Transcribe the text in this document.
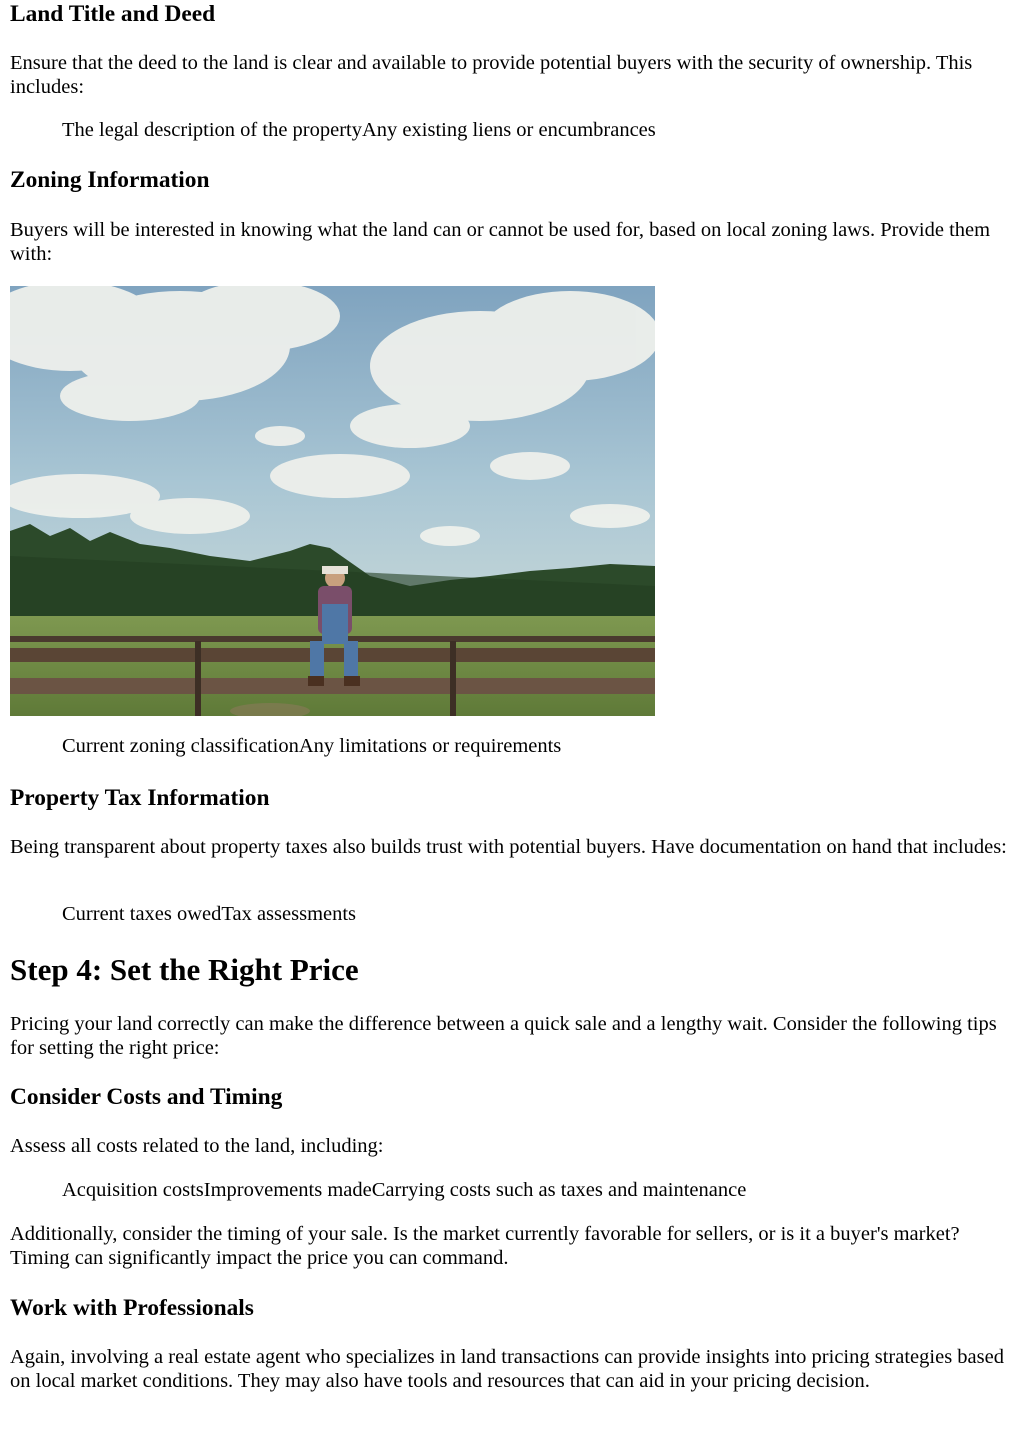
Land Title and Deed

Ensure that the deed to the land is clear and available to provide potential buyers with the security of ownership. This includes:

The legal description of the propertyAny existing liens or encumbrances
Zoning Information

Buyers will be interested in knowing what the land can or cannot be used for, based on local zoning laws. Provide them with:

Current zoning classificationAny limitations or requirements
Property Tax Information

Being transparent about property taxes also builds trust with potential buyers. Have documentation on hand that includes:

Current taxes owedTax assessments
Step 4: Set the Right Price

Pricing your land correctly can make the difference between a quick sale and a lengthy wait. Consider the following tips for setting the right price:

Consider Costs and Timing

Assess all costs related to the land, including:

Acquisition costsImprovements madeCarrying costs such as taxes and maintenance

Additionally, consider the timing of your sale. Is the market currently favorable for sellers, or is it a buyer's market? Timing can significantly impact the price you can command.

Work with Professionals

Again, involving a real estate agent who specializes in land transactions can provide insights into pricing strategies based on local market conditions. They may also have tools and resources that can aid in your pricing decision.
